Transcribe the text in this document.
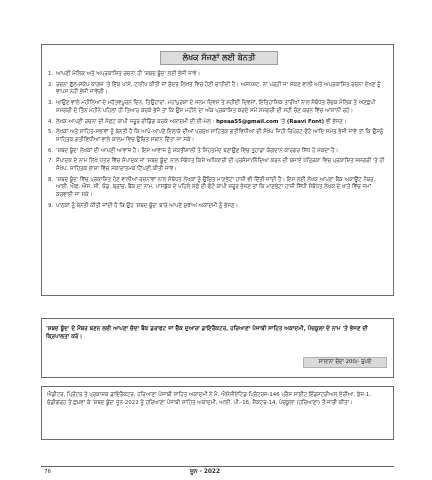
ਲੇਖਕ ਸੱਜਣਾਂ ਲਈ ਬੇਨਤੀ
1. ਆਪਣੀ ਮੌਲਿਕ ਅਤੇ ਅਪ੍ਰਕਾਸ਼ਿਤ ਰਚਨਾ ਹੀ 'ਸ਼ਬਦ ਬੂੰਦ' ਲਈ ਭੇਜੀ ਜਾਵੇ।
2. ਰਚਨਾ ਫੁੱਲ-ਸਕੇਪ ਕਾਗਜ਼ 'ਤੇ ਇੱਕ ਪਾਸੇ, ਟਾਈਪ ਕੀਤੀ ਜਾਂ ਸੁੰਦਰ ਲਿਖਤ ਵਿਚ ਹੋਣੀ ਚਾਹੀਦੀ ਹੈ। ਅਸਪੱਸ਼ਟ, ਨਾ ਪੜ੍ਹੀ ਜਾ ਸਕਣ ਵਾਲੀ ਅਤੇ ਅਪ੍ਰਕਾਸ਼ਿਤ ਰਚਨਾ ਦੇਖਣ ਨੂੰ ਵਾਪਸ ਨਹੀਂ ਭੇਜੀ ਜਾਵੇਗੀ।
3. ਆਉਣ ਵਾਲੇ ਮਹੀਨਿਆਂ ਦੇ ਮਹੱਤਵਪੂਰਨ ਦਿਨ, ਤਿਉਹਾਰਾਂ, ਮਹਾਂਪੁਰਸ਼ਾਂ ਦੇ ਜਨਮ ਦਿਵਸ ਤੇ ਸ਼ਹੀਦੀ ਦਿਵਸਾਂ, ਇਤਿਹਾਸਿਕ ਤਾਰੀਖਾਂ ਨਾਲ ਸੰਬੰਧਤ ਰੌਚਕ ਮੌਲਿਕ ਤੇ ਅਣਛਪੀ ਸਮੱਗਰੀ ਦੋ ਤਿੰਨ ਮਹੀਨੇ ਪਹਿਲਾਂ ਹੀ ਤਿਆਰ ਕਰਕੇ ਭੇਜੋ ਤਾਂ ਕਿ ਉਸ ਮਹੀਨੇ ਦਾ ਅੰਕ ਪ੍ਰਕਾਸ਼ਿਤ ਕਰਦੇ ਸਮੇਂ ਸਮੱਗਰੀ ਦੀ ਸਹੀ ਚੋਣ ਕਰਨ ਵਿੱਚ ਆਸਾਨੀ ਰਹੇ।
4. ਲੇਖਕ ਆਪਣੀ ਰਚਨਾ ਦੀ ਸੋਫ਼ਟ ਕਾਪੀ ਜ਼ਰੂਰ ਰੀਡਿੰਗ ਕਰਕੇ ਅਕਾਦਮੀ ਦੀ ਈ-ਮੇਲ : hpsaa55@gmail.com 'ਤੇ (Raavi Font) ਵੀ ਭੇਜਣ।
5. ਲੇਖਕਾਂ ਅਤੇ ਸਾਹਿਤ-ਸਭਾਵਾਂ ਨੂੰ ਬੇਨਤੀ ਹੈ ਕਿ ਆਪੋ-ਆਪਣੇ ਇਲਾਕੇ ਦੀਆਂ ਪ੍ਰਮੁੱਖ ਸਾਹਿਤਕ ਗਤੀਵਿਧੀਆਂ ਦੀ ਸੰਖੇਪ ਜਿਹੀ ਰਿਪੋਰਟ ਫੋਟੋ ਆਦਿ ਸਮੇਤ ਭੇਜੀ ਜਾਵੇ ਤਾਂ ਕਿ ਉਸਨੂੰ ਸਾਹਿਤਕ ਗਤੀਵਿਧੀਆਂ ਵਾਲੇ ਕਾਲਮ ਵਿਚ ਉਚਿਤ ਸਥਾਨ ਦਿੱਤਾ ਜਾ ਸਕੇ।
6. 'ਸ਼ਬਦ ਬੂੰਦ' ਲੇਖਕਾਂ ਦੀ ਆਪਣੀ ਆਵਾਜ਼ ਹੈ। ਇਸ ਆਵਾਜ਼ ਨੂੰ ਸ਼ਕਤੀਸ਼ਾਲੀ ਤੇ ਸਿਹਤਮੰਦ ਬਣਾਉਣ ਵਿਚ ਤੁਹਾਡਾ ਯੋਗਦਾਨ ਕਾਰਗਰ ਸਿੱਧ ਹੋ ਸਕਦਾ ਹੈ।
7. ਸੰਪਾਦਕ ਦੇ ਨਾਮ ਲਿਖੇ ਪੱਤਰ ਵਿੱਚ ਸੰਪਾਦਕ ਜਾਂ 'ਸ਼ਬਦ ਬੂੰਦ' ਨਾਲ ਸੰਬੰਧਤ ਕਿਸੇ ਅਧਿਕਾਰੀ ਦੀ ਪ੍ਰਸ਼ੰਸਾ/ਨਿੰਦਿਆ ਕਰਨ ਦੀ ਬਜਾਏ ਪੱਤ੍ਰਿਕਾ ਵਿਚ ਪ੍ਰਕਾਸ਼ਿਤ ਸਮੱਗਰੀ 'ਤੇ ਹੀ ਸੰਖੇਪ, ਸਾਹਿਤਕ ਭਾਸ਼ਾ ਵਿੱਚ ਸਕਾਰਾਤਮਕ ਟਿੱਪਣੀ ਕੀਤੀ ਜਾਵੇ।
8. 'ਸ਼ਬਦ ਬੂੰਦ' ਵਿੱਚ ਪ੍ਰਕਾਸ਼ਿਤ ਹੋਣ ਵਾਲੀਆਂ ਰਚਨਾਵਾਂ ਨਾਲ ਸੰਬੰਧਤ ਲੇਖਕਾਂ ਨੂੰ ਉਚਿਤ ਮਾਣਭੇਟਾ ਹਾਜ਼ੀ ਵੀ ਦਿੱਤੀ ਜਾਂਦੀ ਹੈ। ਇਸ ਲਈ ਲੇਖਕ ਆਪਣਾ ਬੈਂਕ ਅਕਾਊਂਟ ਨੰਬਰ, ਆਈ. ਐਫ. ਐਸ. ਸੀ. ਕੋਡ, ਬ੍ਰਾਂਚ, ਬੈਂਕ ਦਾ ਨਾਮ, ਪਾਸਬੁੱਕ ਦੇ ਪਹਿਲੇ ਸਫ਼ੇ ਦੀ ਫੋਟੋ ਕਾਪੀ ਜ਼ਰੂਰ ਭੇਜਣ ਤਾਂ ਕਿ ਮਾਣਭੇਟਾ ਹਾਜ਼ੀ ਸਿੱਧੀ ਸੰਬੰਧਤ ਲੇਖਕ ਦੇ ਖਾਤੇ ਵਿੱਚ ਜਮਾਂ ਕਰਵਾਈ ਜਾ ਸਕੇ।
9. ਪਾਠਕਾਂ ਨੂੰ ਬੇਨਤੀ ਕੀਤੀ ਜਾਂਦੀ ਹੈ ਕਿ ਉਹ 'ਸ਼ਬਦ ਬੂੰਦ' ਬਾਰੇ ਆਪਣੇ ਸੁਝਾਅ ਅਕਾਦਮੀ ਨੂੰ ਭੇਜਣ।
'ਸ਼ਬਦ ਬੂੰਦ' ਦੇ ਮੈਂਬਰ ਬਣਨ ਲਈ ਆਪਣਾ ਚੰਦਾ ਬੈਂਕ ਡਰਾਫਟ ਜਾਂ ਚੈੱਕ ਦੁਆਰਾ ਡਾਇਰੈਕਟਰ, ਹਰਿਆਣਾ ਪੰਜਾਬੀ ਸਾਹਿਤ ਅਕਾਦਮੀ, ਪੰਚਕੂਲਾ ਦੇ ਨਾਮ 'ਤੇ ਭੇਜਣ ਦੀ ਕ੍ਰਿਪਾਲਤਾ ਕਰੋ।
ਸਾਲਾਨਾ ਚੰਦਾ 200/- ਰੁਪਏ
ਐਡੀਟਰ, ਪ੍ਰਿੰਟਰ ਤੇ ਪ੍ਰਕਾਸ਼ਕ ਡਾਇਰੈਕਟਰ, ਹਰਿਆਣਾ ਪੰਜਾਬੀ ਸਾਹਿਤ ਅਕਾਦਮੀ ਨੇ ਮੈ. ਐਸੋਸੀਏਟਿਡ ਪ੍ਰਿੰਟਰਜ਼-146 ਪ੍ਰੈਸ ਸਾਈਟ ਇੰਡਸਟਰੀਅਲ ਏਰੀਆ, ਫੇਜ਼-1, ਚੰਡੀਗੜ੍ਹ ਤੋਂ ਛਪਵਾ ਕੇ 'ਸ਼ਬਦ ਬੂੰਦ' ਜੂਨ-2022 ਨੂੰ ਹਰਿਆਣਾ ਪੰਜਾਬੀ ਸਾਹਿਤ ਅਕਾਦਮੀ, ਆਈ. ਪੀ.-16, ਸੈਕਟਰ-14, ਪੰਚਕੂਲਾ (ਹਰਿਆਣਾ) ਤੋਂ ਜਾਰੀ ਕੀਤਾ।
76	ਜੂਨ - 2022
